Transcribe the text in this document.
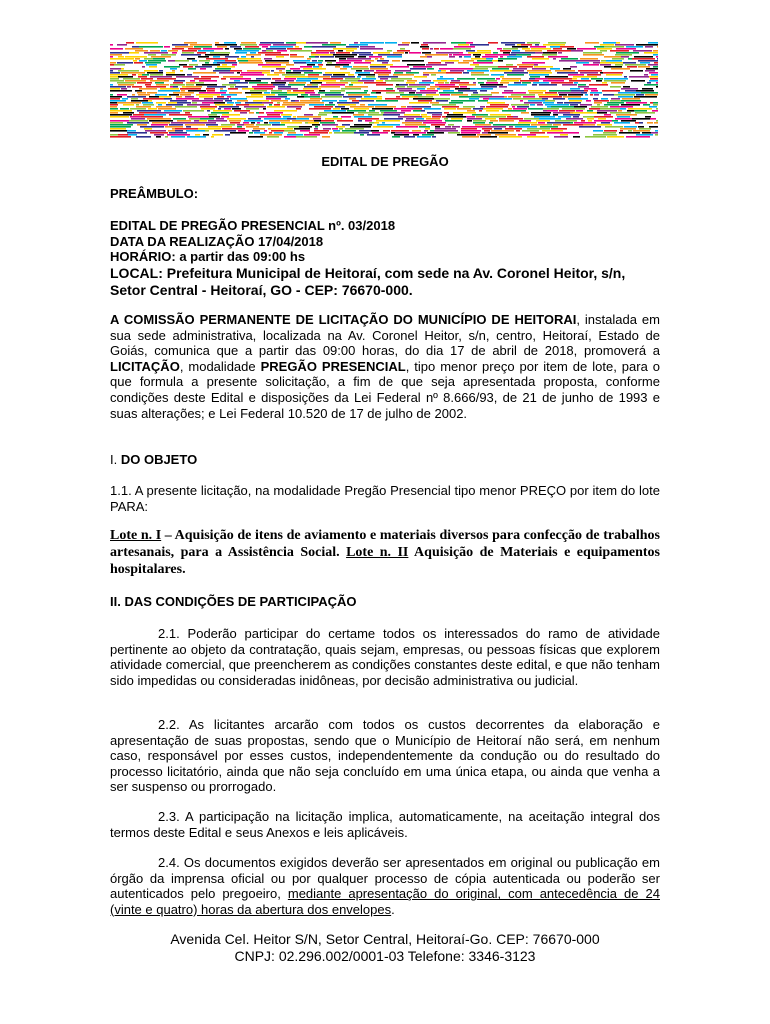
EDITAL DE PREGÃO
PREÂMBULO:
EDITAL DE PREGÃO PRESENCIAL nº. 03/2018
DATA DA REALIZAÇÃO 17/04/2018
HORÁRIO: a partir das 09:00 hs
LOCAL: Prefeitura Municipal de Heitoraí, com sede na Av. Coronel Heitor, s/n,
Setor Central - Heitoraí, GO - CEP: 76670-000.
A COMISSÃO PERMANENTE DE LICITAÇÃO DO MUNICÍPIO DE HEITORAI, instalada em sua sede administrativa, localizada na Av. Coronel Heitor, s/n, centro, Heitoraí, Estado de Goiás, comunica que a partir das 09:00 horas, do dia 17 de abril de 2018, promoverá a LICITAÇÃO, modalidade PREGÃO PRESENCIAL, tipo menor preço por item de lote, para o que formula a presente solicitação, a fim de que seja apresentada proposta, conforme condições deste Edital e disposições da Lei Federal nº 8.666/93, de 21 de junho de 1993 e suas alterações; e Lei Federal 10.520 de 17 de julho de 2002.
I. DO OBJETO
1.1. A presente licitação, na modalidade Pregão Presencial tipo menor PREÇO por item do lote PARA:
Lote n. I – Aquisição de itens de aviamento e materiais diversos para confecção de trabalhos artesanais, para a Assistência Social. Lote n. II Aquisição de Materiais e equipamentos hospitalares.
II. DAS CONDIÇÕES DE PARTICIPAÇÃO
2.1. Poderão participar do certame todos os interessados do ramo de atividade pertinente ao objeto da contratação, quais sejam, empresas, ou pessoas físicas que explorem atividade comercial, que preencherem as condições constantes deste edital, e que não tenham sido impedidas ou consideradas inidôneas, por decisão administrativa ou judicial.
2.2. As licitantes arcarão com todos os custos decorrentes da elaboração e apresentação de suas propostas, sendo que o Município de Heitoraí não será, em nenhum caso, responsável por esses custos, independentemente da condução ou do resultado do processo licitatório, ainda que não seja concluído em uma única etapa, ou ainda que venha a ser suspenso ou prorrogado.
2.3. A participação na licitação implica, automaticamente, na aceitação integral dos termos deste Edital e seus Anexos e leis aplicáveis.
2.4. Os documentos exigidos deverão ser apresentados em original ou publicação em órgão da imprensa oficial ou por qualquer processo de cópia autenticada ou poderão ser autenticados pelo pregoeiro, mediante apresentação do original, com antecedência de 24 (vinte e quatro) horas da abertura dos envelopes.
Avenida Cel. Heitor S/N, Setor Central, Heitoraí-Go. CEP: 76670-000
CNPJ: 02.296.002/0001-03 Telefone: 3346-3123
